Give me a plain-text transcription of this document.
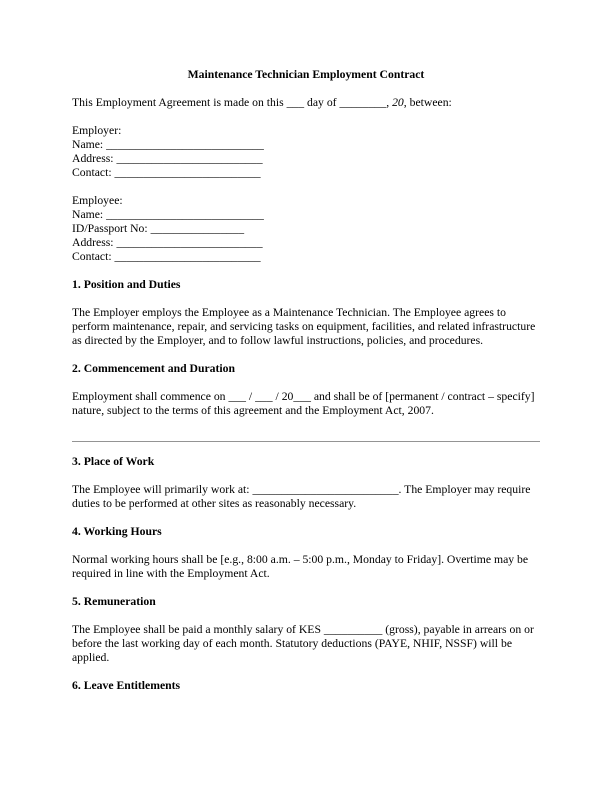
Maintenance Technician Employment Contract

This Employment Agreement is made on this ___ day of ________, 20, between:

Employer:
Name: ___________________________
Address: _________________________
Contact: _________________________
Employee:
Name: ___________________________
ID/Passport No: ________________
Address: _________________________
Contact: _________________________
1. Position and Duties

The Employer employs the Employee as a Maintenance Technician. The Employee agrees to perform maintenance, repair, and servicing tasks on equipment, facilities, and related infrastructure as directed by the Employer, and to follow lawful instructions, policies, and procedures.

2. Commencement and Duration

Employment shall commence on ___ / ___ / 20___ and shall be of [permanent / contract – specify] nature, subject to the terms of this agreement and the Employment Act, 2007.

3. Place of Work

The Employee will primarily work at: _________________________. The Employer may require duties to be performed at other sites as reasonably necessary.

4. Working Hours

Normal working hours shall be [e.g., 8:00 a.m. – 5:00 p.m., Monday to Friday]. Overtime may be required in line with the Employment Act.

5. Remuneration

The Employee shall be paid a monthly salary of KES __________ (gross), payable in arrears on or before the last working day of each month. Statutory deductions (PAYE, NHIF, NSSF) will be applied.

6. Leave Entitlements
